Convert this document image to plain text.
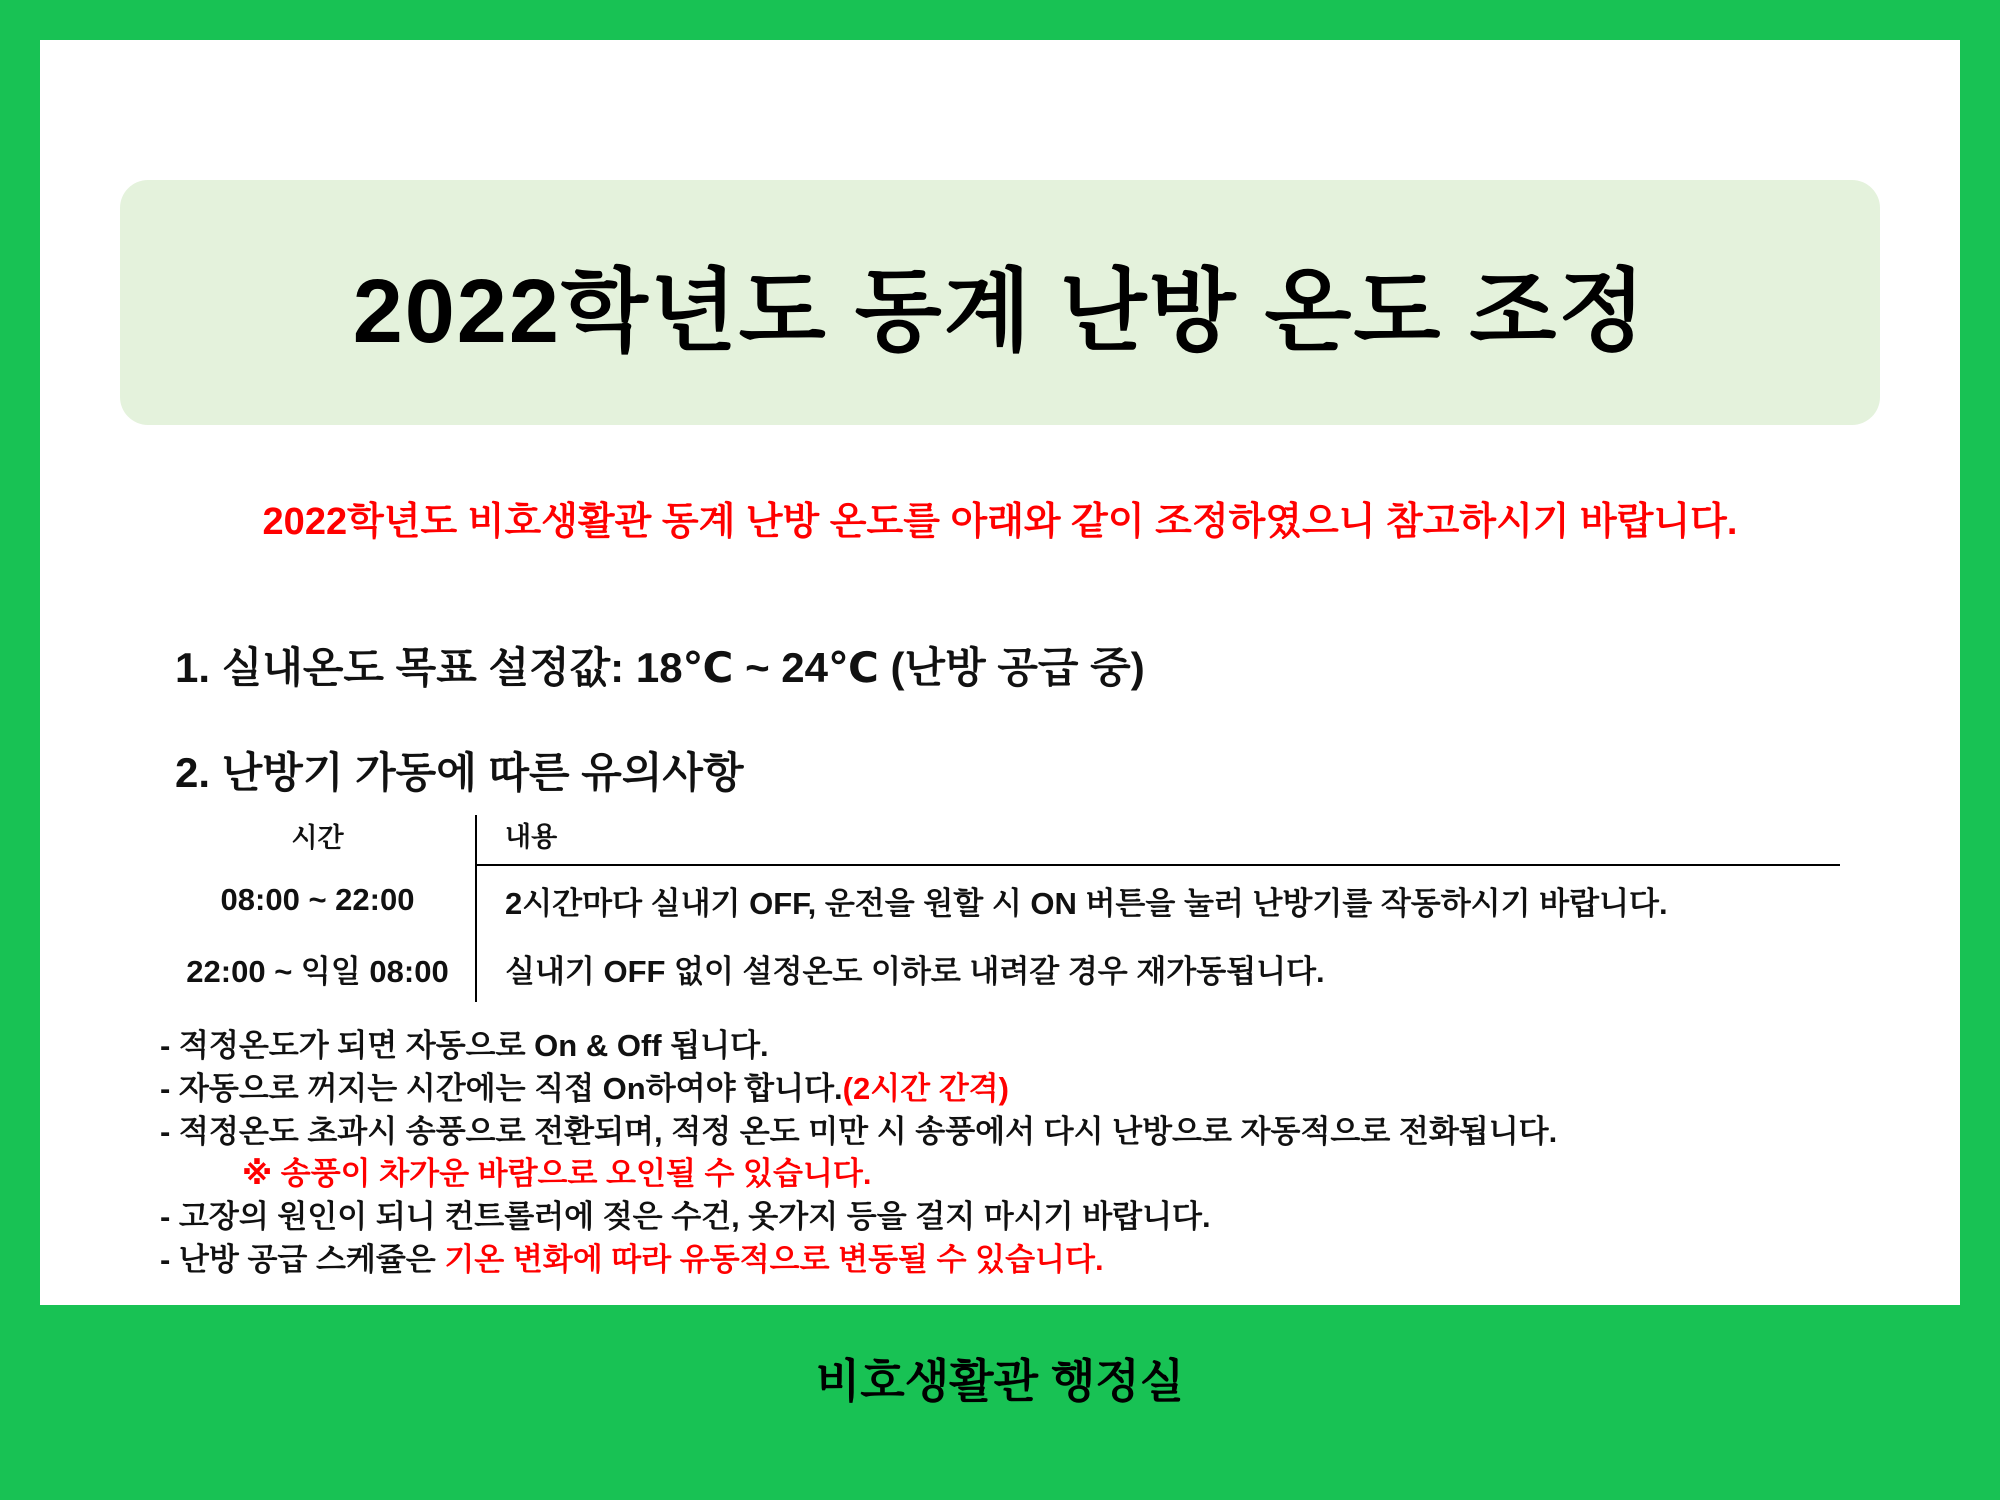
2022학년도 동계 난방 온도 조정
2022학년도 비호생활관 동계 난방 온도를 아래와 같이 조정하였으니 참고하시기 바랍니다.
1. 실내온도 목표 설정값: 18℃ ~ 24℃ (난방 공급 중)
2. 난방기 가동에 따른 유의사항
시간	내용
08:00 ~ 22:00	2시간마다 실내기 OFF, 운전을 원할 시 ON 버튼을 눌러 난방기를 작동하시기 바랍니다.
22:00 ~ 익일 08:00	실내기 OFF 없이 설정온도 이하로 내려갈 경우 재가동됩니다.
- 적정온도가 되면 자동으로 On & Off 됩니다.
- 자동으로 꺼지는 시간에는 직접 On하여야 합니다.(2시간 간격)
- 적정온도 초과시 송풍으로 전환되며, 적정 온도 미만 시 송풍에서 다시 난방으로 자동적으로 전화됩니다.
※ 송풍이 차가운 바람으로 오인될 수 있습니다.
- 고장의 원인이 되니 컨트롤러에 젖은 수건, 옷가지 등을 걸지 마시기 바랍니다.
- 난방 공급 스케쥴은 기온 변화에 따라 유동적으로 변동될 수 있습니다.
비호생활관 행정실
